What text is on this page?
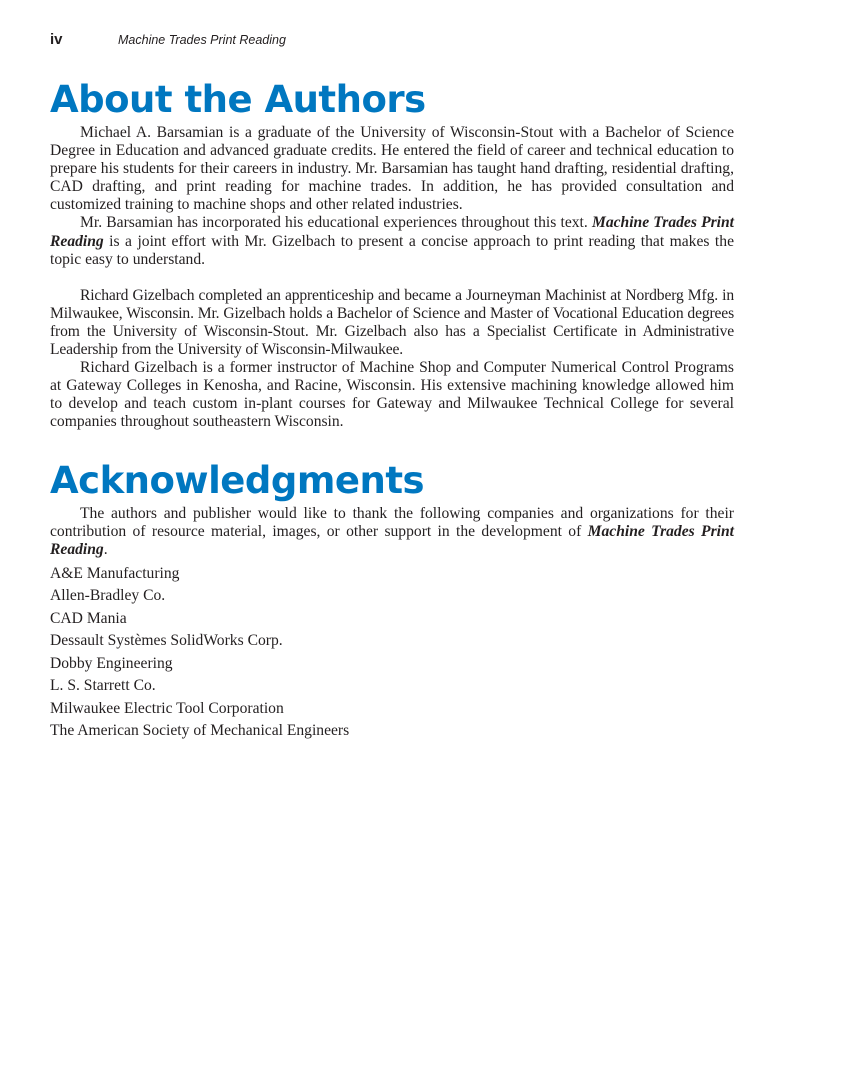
iv	Machine Trades Print Reading
About the Authors

Michael A. Barsamian is a graduate of the University of Wisconsin-Stout with a Bachelor of Science Degree in Education and advanced graduate credits. He entered the field of career and technical education to prepare his students for their careers in industry. Mr. Barsamian has taught hand drafting, residential drafting, CAD drafting, and print reading for machine trades. In addition, he has provided consultation and customized training to machine shops and other related industries.

Mr. Barsamian has incorporated his educational experiences throughout this text. Machine Trades Print Reading is a joint effort with Mr. Gizelbach to present a concise approach to print reading that makes the topic easy to understand.

Richard Gizelbach completed an apprenticeship and became a Journeyman Machinist at Nordberg Mfg. in Milwaukee, Wisconsin. Mr. Gizelbach holds a Bachelor of Science and Master of Vocational Education degrees from the University of Wisconsin-Stout. Mr. Gizelbach also has a Specialist Certificate in Administrative Leadership from the University of Wisconsin-Milwaukee.

Richard Gizelbach is a former instructor of Machine Shop and Computer Numerical Control Programs at Gateway Colleges in Kenosha, and Racine, Wisconsin. His extensive machining knowledge allowed him to develop and teach custom in-plant courses for Gateway and Milwaukee Technical College for several companies throughout southeastern Wisconsin.

Acknowledgments

The authors and publisher would like to thank the following companies and organizations for their contribution of resource material, images, or other support in the development of Machine Trades Print Reading.

A&E Manufacturing
Allen-Bradley Co.
CAD Mania
Dessault Systèmes SolidWorks Corp.
Dobby Engineering
L. S. Starrett Co.
Milwaukee Electric Tool Corporation
The American Society of Mechanical Engineers
